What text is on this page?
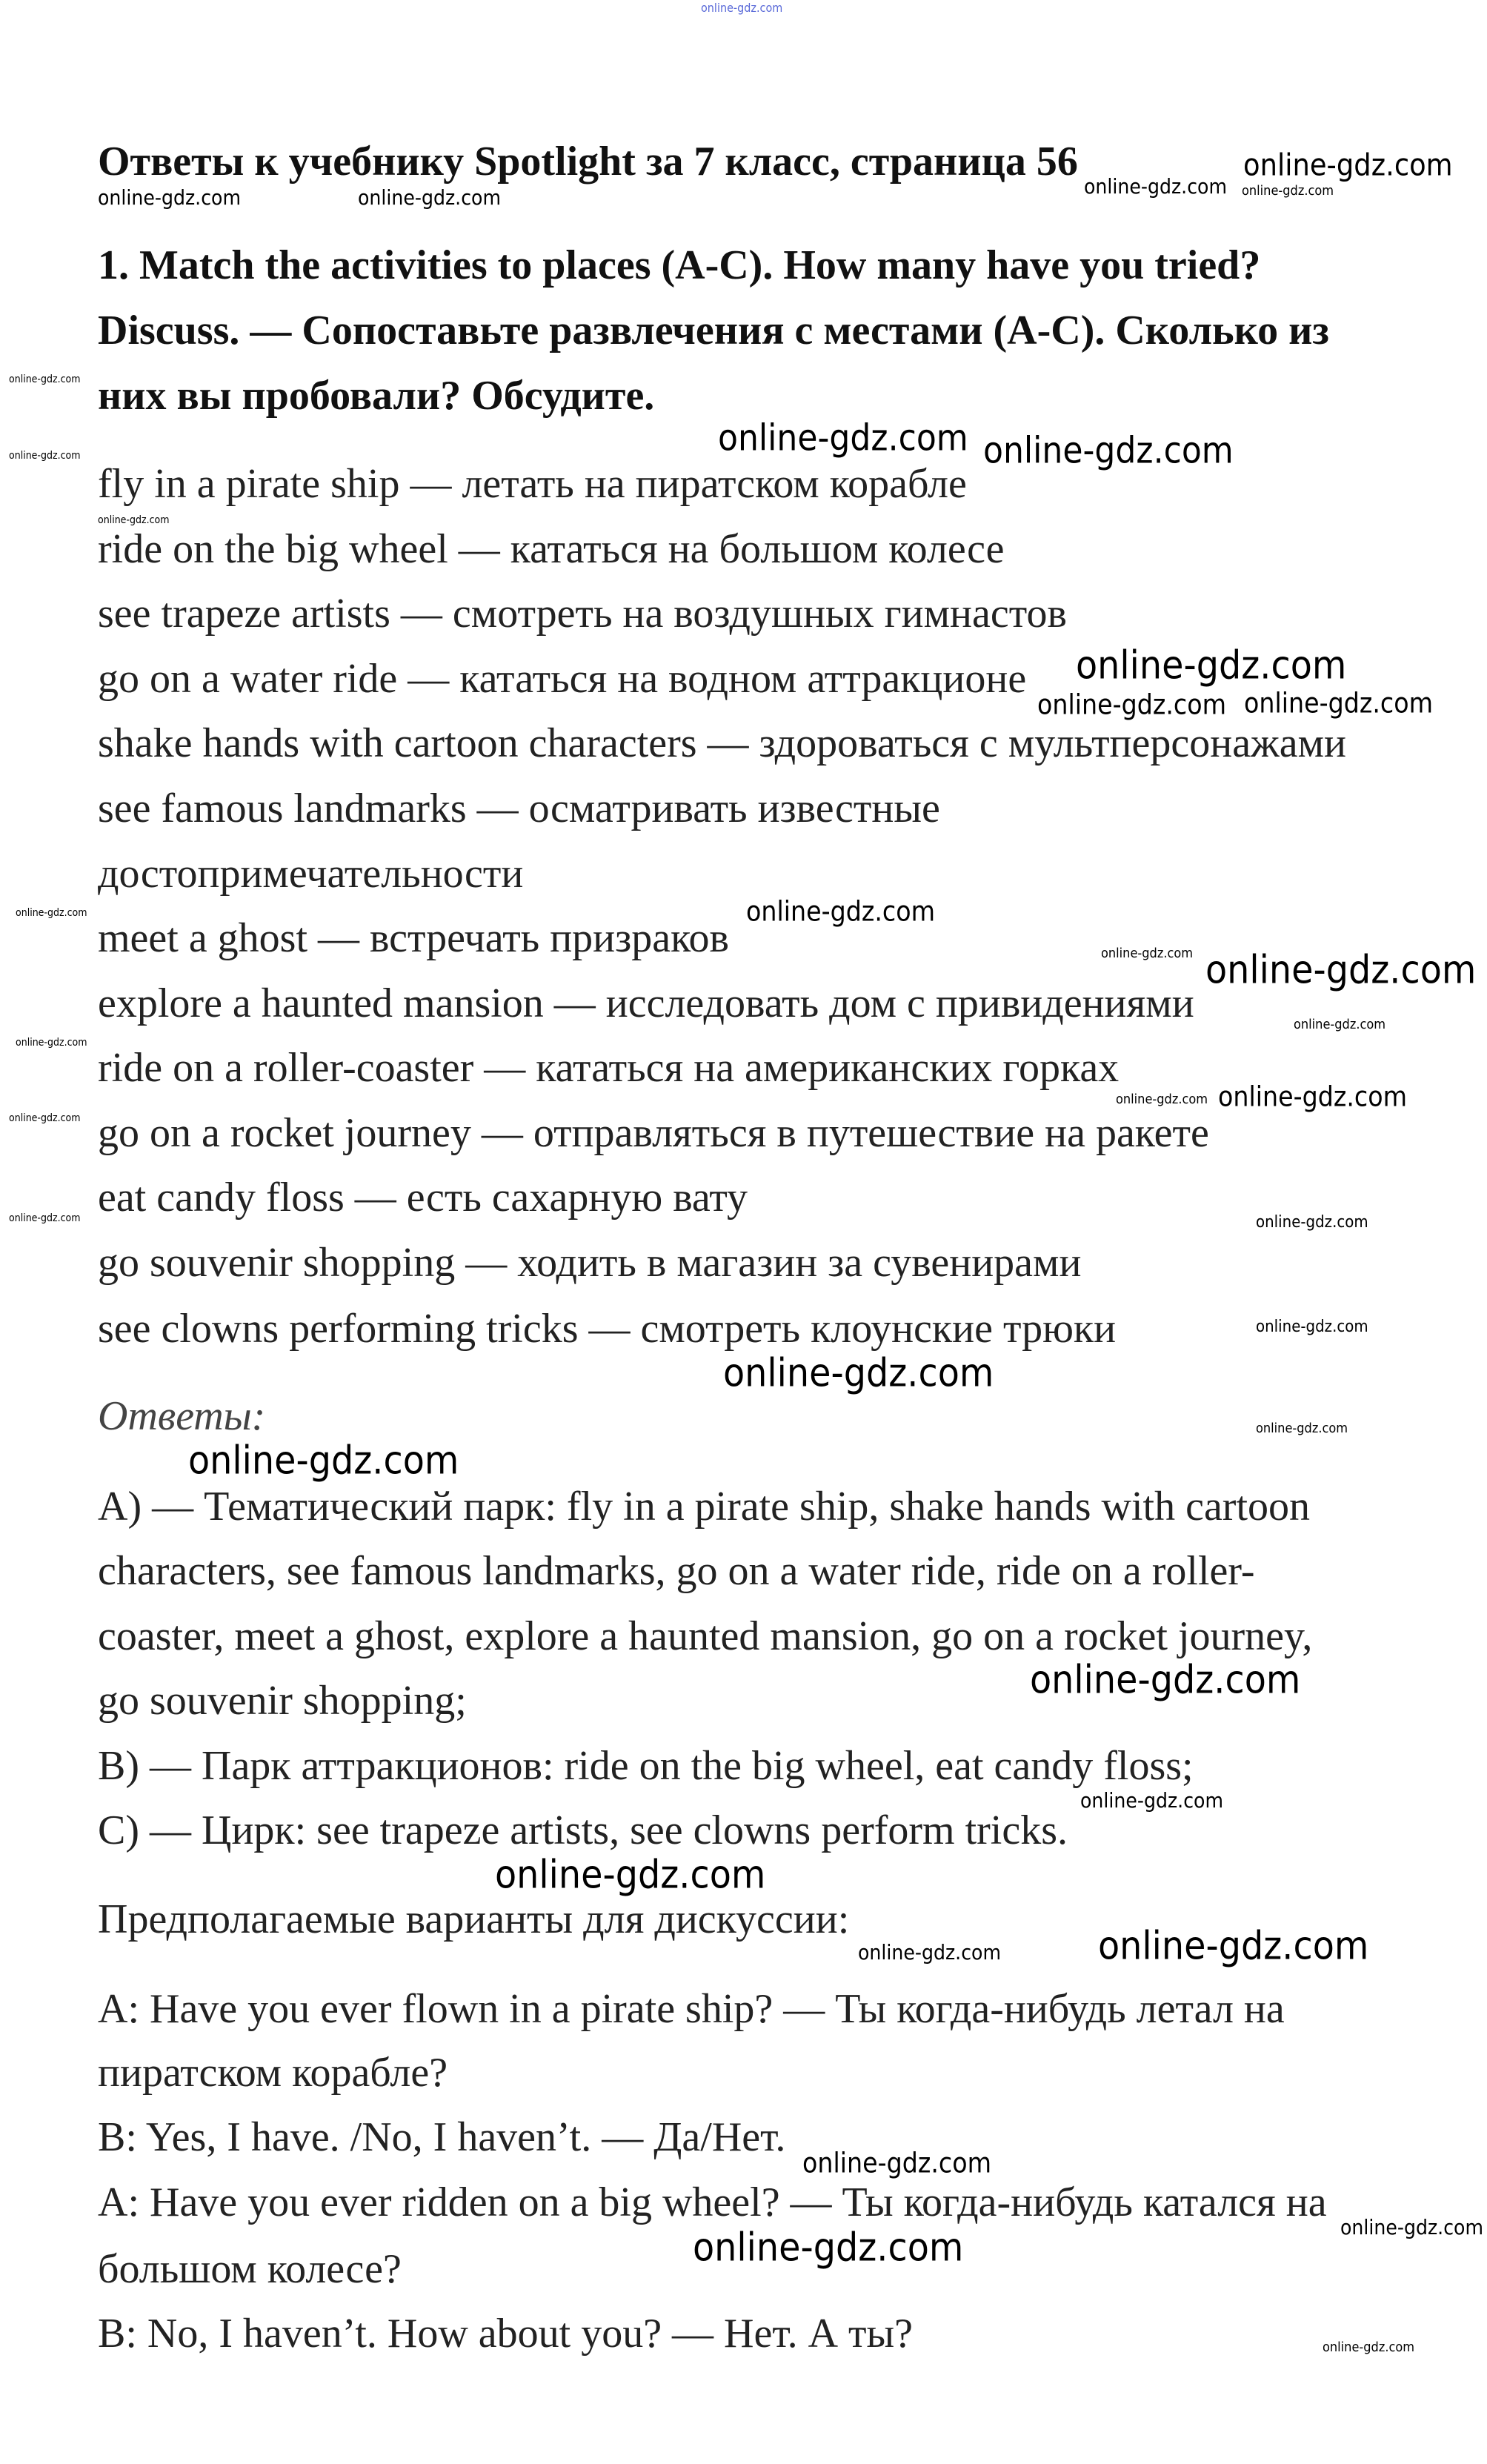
Ответы к учебнику Spotlight за 7 класс, страница 56
1. Match the activities to places (A-C). How many have you tried?
Discuss. — Сопоставьте развлечения с местами (A-C). Сколько из
них вы пробовали? Обсудите.
fly in a pirate ship — летать на пиратском корабле
ride on the big wheel — кататься на большом колесе
see trapeze artists — смотреть на воздушных гимнастов
go on a water ride — кататься на водном аттракционе
shake hands with cartoon characters — здороваться с мультперсонажами
see famous landmarks — осматривать известные
достопримечательности
meet a ghost — встречать призраков
explore a haunted mansion — исследовать дом с привидениями
ride on a roller-coaster — кататься на американских горках
go on a rocket journey — отправляться в путешествие на ракете
eat candy floss — есть сахарную вату
go souvenir shopping — ходить в магазин за сувенирами
see clowns performing tricks — смотреть клоунские трюки
Ответы:
A) — Тематический парк: fly in a pirate ship, shake hands with cartoon
characters, see famous landmarks, go on a water ride, ride on a roller-
coaster, meet a ghost, explore a haunted mansion, go on a rocket journey,
go souvenir shopping;
B) — Парк аттракционов: ride on the big wheel, eat candy floss;
C) — Цирк: see trapeze artists, see clowns perform tricks.
Предполагаемые варианты для дискуссии:
A: Have you ever flown in a pirate ship? — Ты когда-нибудь летал на
пиратском корабле?
B: Yes, I have. /No, I haven’t. — Да/Нет.
A: Have you ever ridden on a big wheel? — Ты когда-нибудь катался на
большом колесе?
B: No, I haven’t. How about you? — Нет. А ты?
online-gdz.com
online-gdz.com	online-gdz.com	online-gdz.com online-gdz.com
online-gdz.com
online-gdz.com
online-gdz.com
online-gdz.com
online-gdz.com
online-gdz.com
online-gdz.com online-gdz.com
online-gdz.com
online-gdz.com	online-gdz.com
online-gdz.com
online-gdz.com
online-gdz.com
online-gdz.com
online-gdz.com
online-gdz.com
online-gdz.com
online-gdz.com	online-gdz.com
online-gdz.com
online-gdz.com
online-gdz.com
online-gdz.com
online-gdz.com
online-gdz.com
online-gdz.com
online-gdz.com
online-gdz.com
online-gdz.com
online-gdz.com
online-gdz.com
online-gdz.com
